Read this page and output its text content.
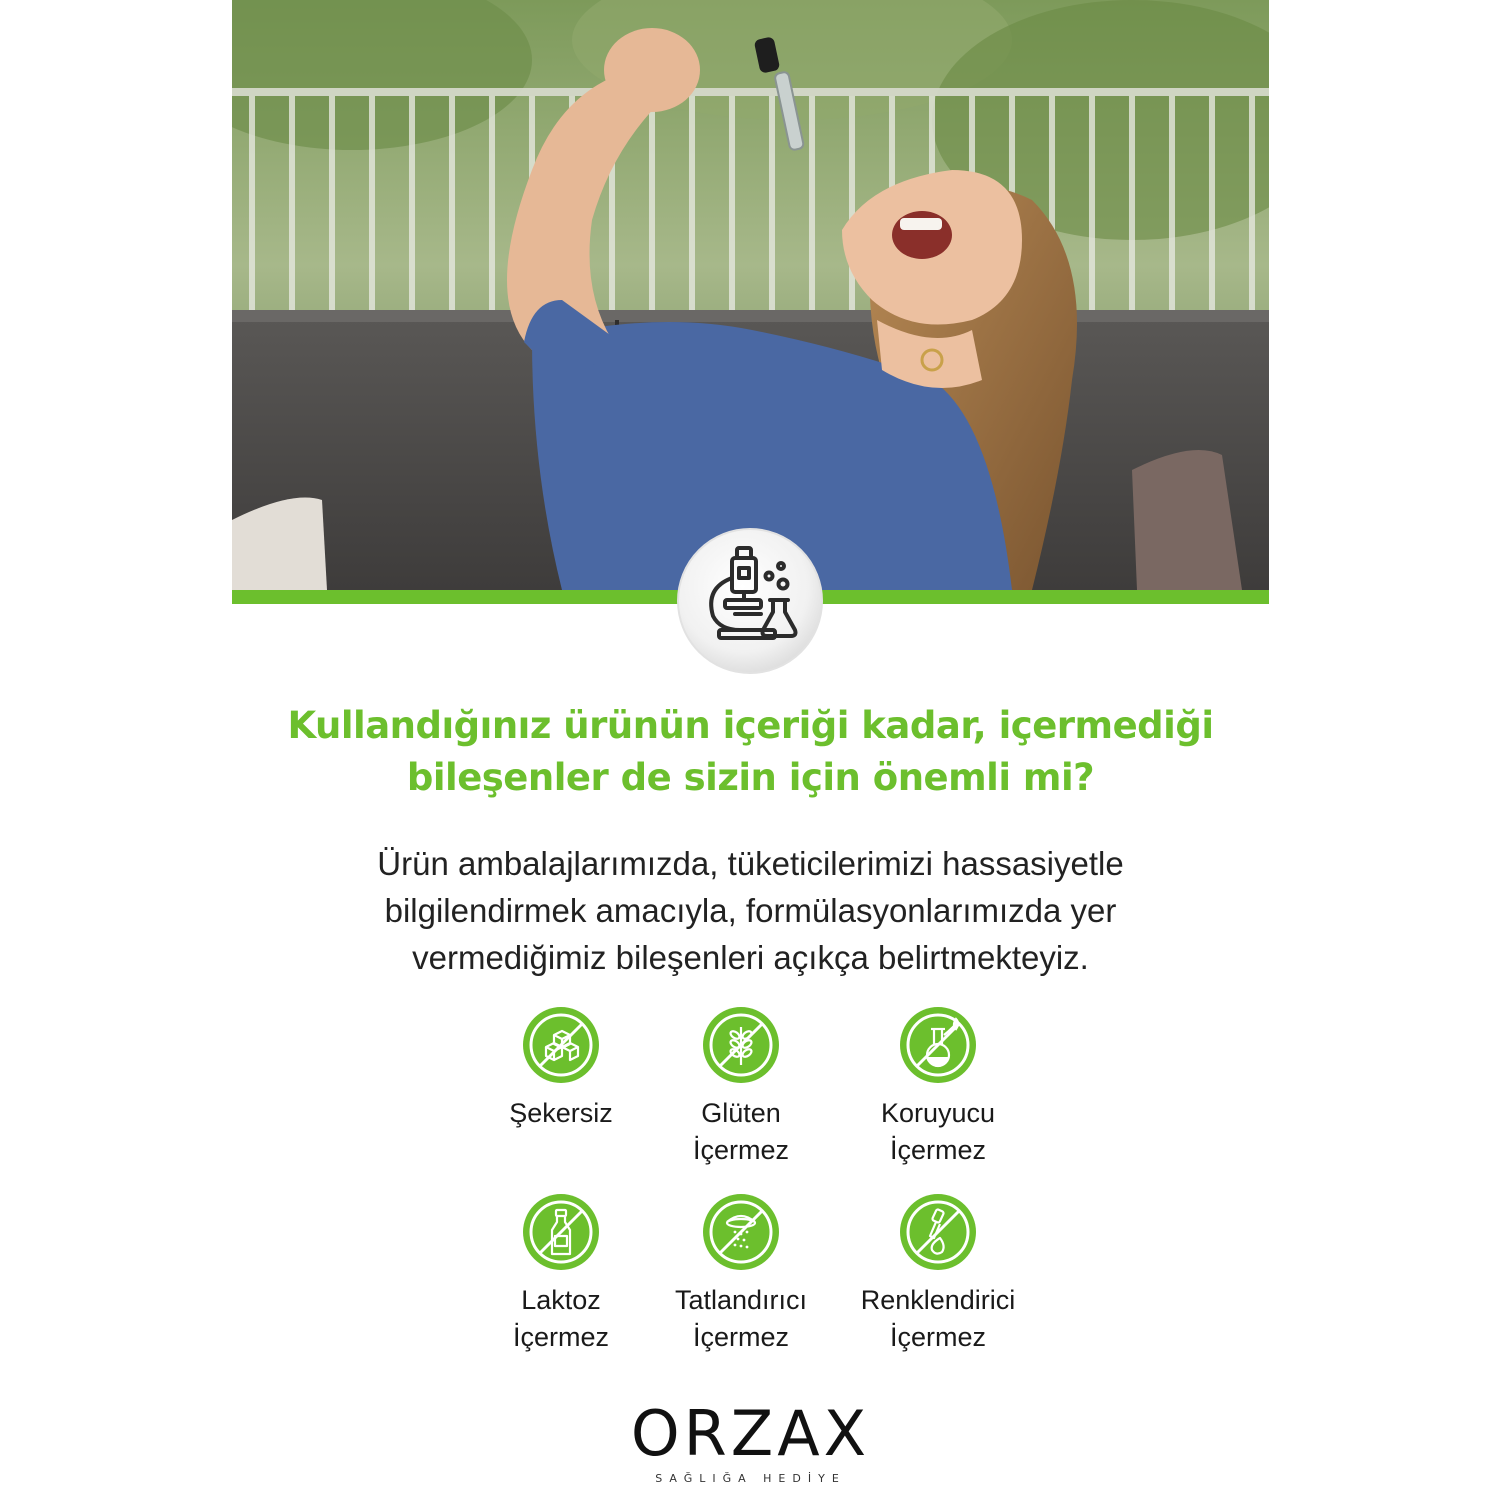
Kullandığınız ürünün içeriği kadar, içermediği
bileşenler de sizin için önemli mi?
Ürün ambalajlarımızda, tüketicilerimizi hassasiyetle
bilgilendirmek amacıyla, formülasyonlarımızda yer
vermediğimiz bileşenleri açıkça belirtmekteyiz.
Şekersiz	Glüten
İçermez
Koruyucu
İçermez
Laktoz
İçermez
Tatlandırıcı
İçermez
Renklendirici
İçermez
ORZAX
SAĞLIĞA HEDİYE
